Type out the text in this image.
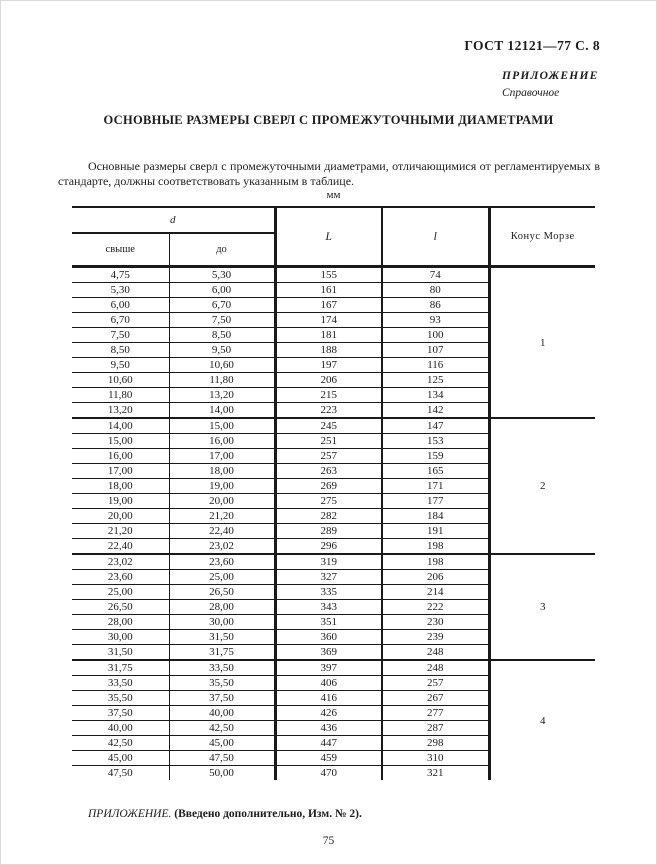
ГОСТ 12121—77 С. 8
ПРИЛОЖЕНИЕ
Справочное
ОСНОВНЫЕ РАЗМЕРЫ СВЕРЛ С ПРОМЕЖУТОЧНЫМИ ДИАМЕТРАМИ

Основные размеры сверл с промежуточными диаметрами, отличающимися от регламентируемых в стандарте, должны соответствовать указанным в таблице.

мм
d		L	l	Конус Морзе
свыше	до			
4,75	5,30	155	74	1
5,30	6,00	161	80	
6,00	6,70	167	86	
6,70	7,50	174	93	
7,50	8,50	181	100	
8,50	9,50	188	107	
9,50	10,60	197	116	
10,60	11,80	206	125	
11,80	13,20	215	134	
13,20	14,00	223	142	
14,00	15,00	245	147	2
15,00	16,00	251	153	
16,00	17,00	257	159	
17,00	18,00	263	165	
18,00	19,00	269	171	
19,00	20,00	275	177	
20,00	21,20	282	184	
21,20	22,40	289	191	
22,40	23,02	296	198	
23,02	23,60	319	198	3
23,60	25,00	327	206	
25,00	26,50	335	214	
26,50	28,00	343	222	
28,00	30,00	351	230	
30,00	31,50	360	239	
31,50	31,75	369	248	
31,75	33,50	397	248	4
33,50	35,50	406	257	
35,50	37,50	416	267	
37,50	40,00	426	277	
40,00	42,50	436	287	
42,50	45,00	447	298	
45,00	47,50	459	310	
47,50	50,00	470	321	
ПРИЛОЖЕНИЕ. (Введено дополнительно, Изм. № 2).
75
